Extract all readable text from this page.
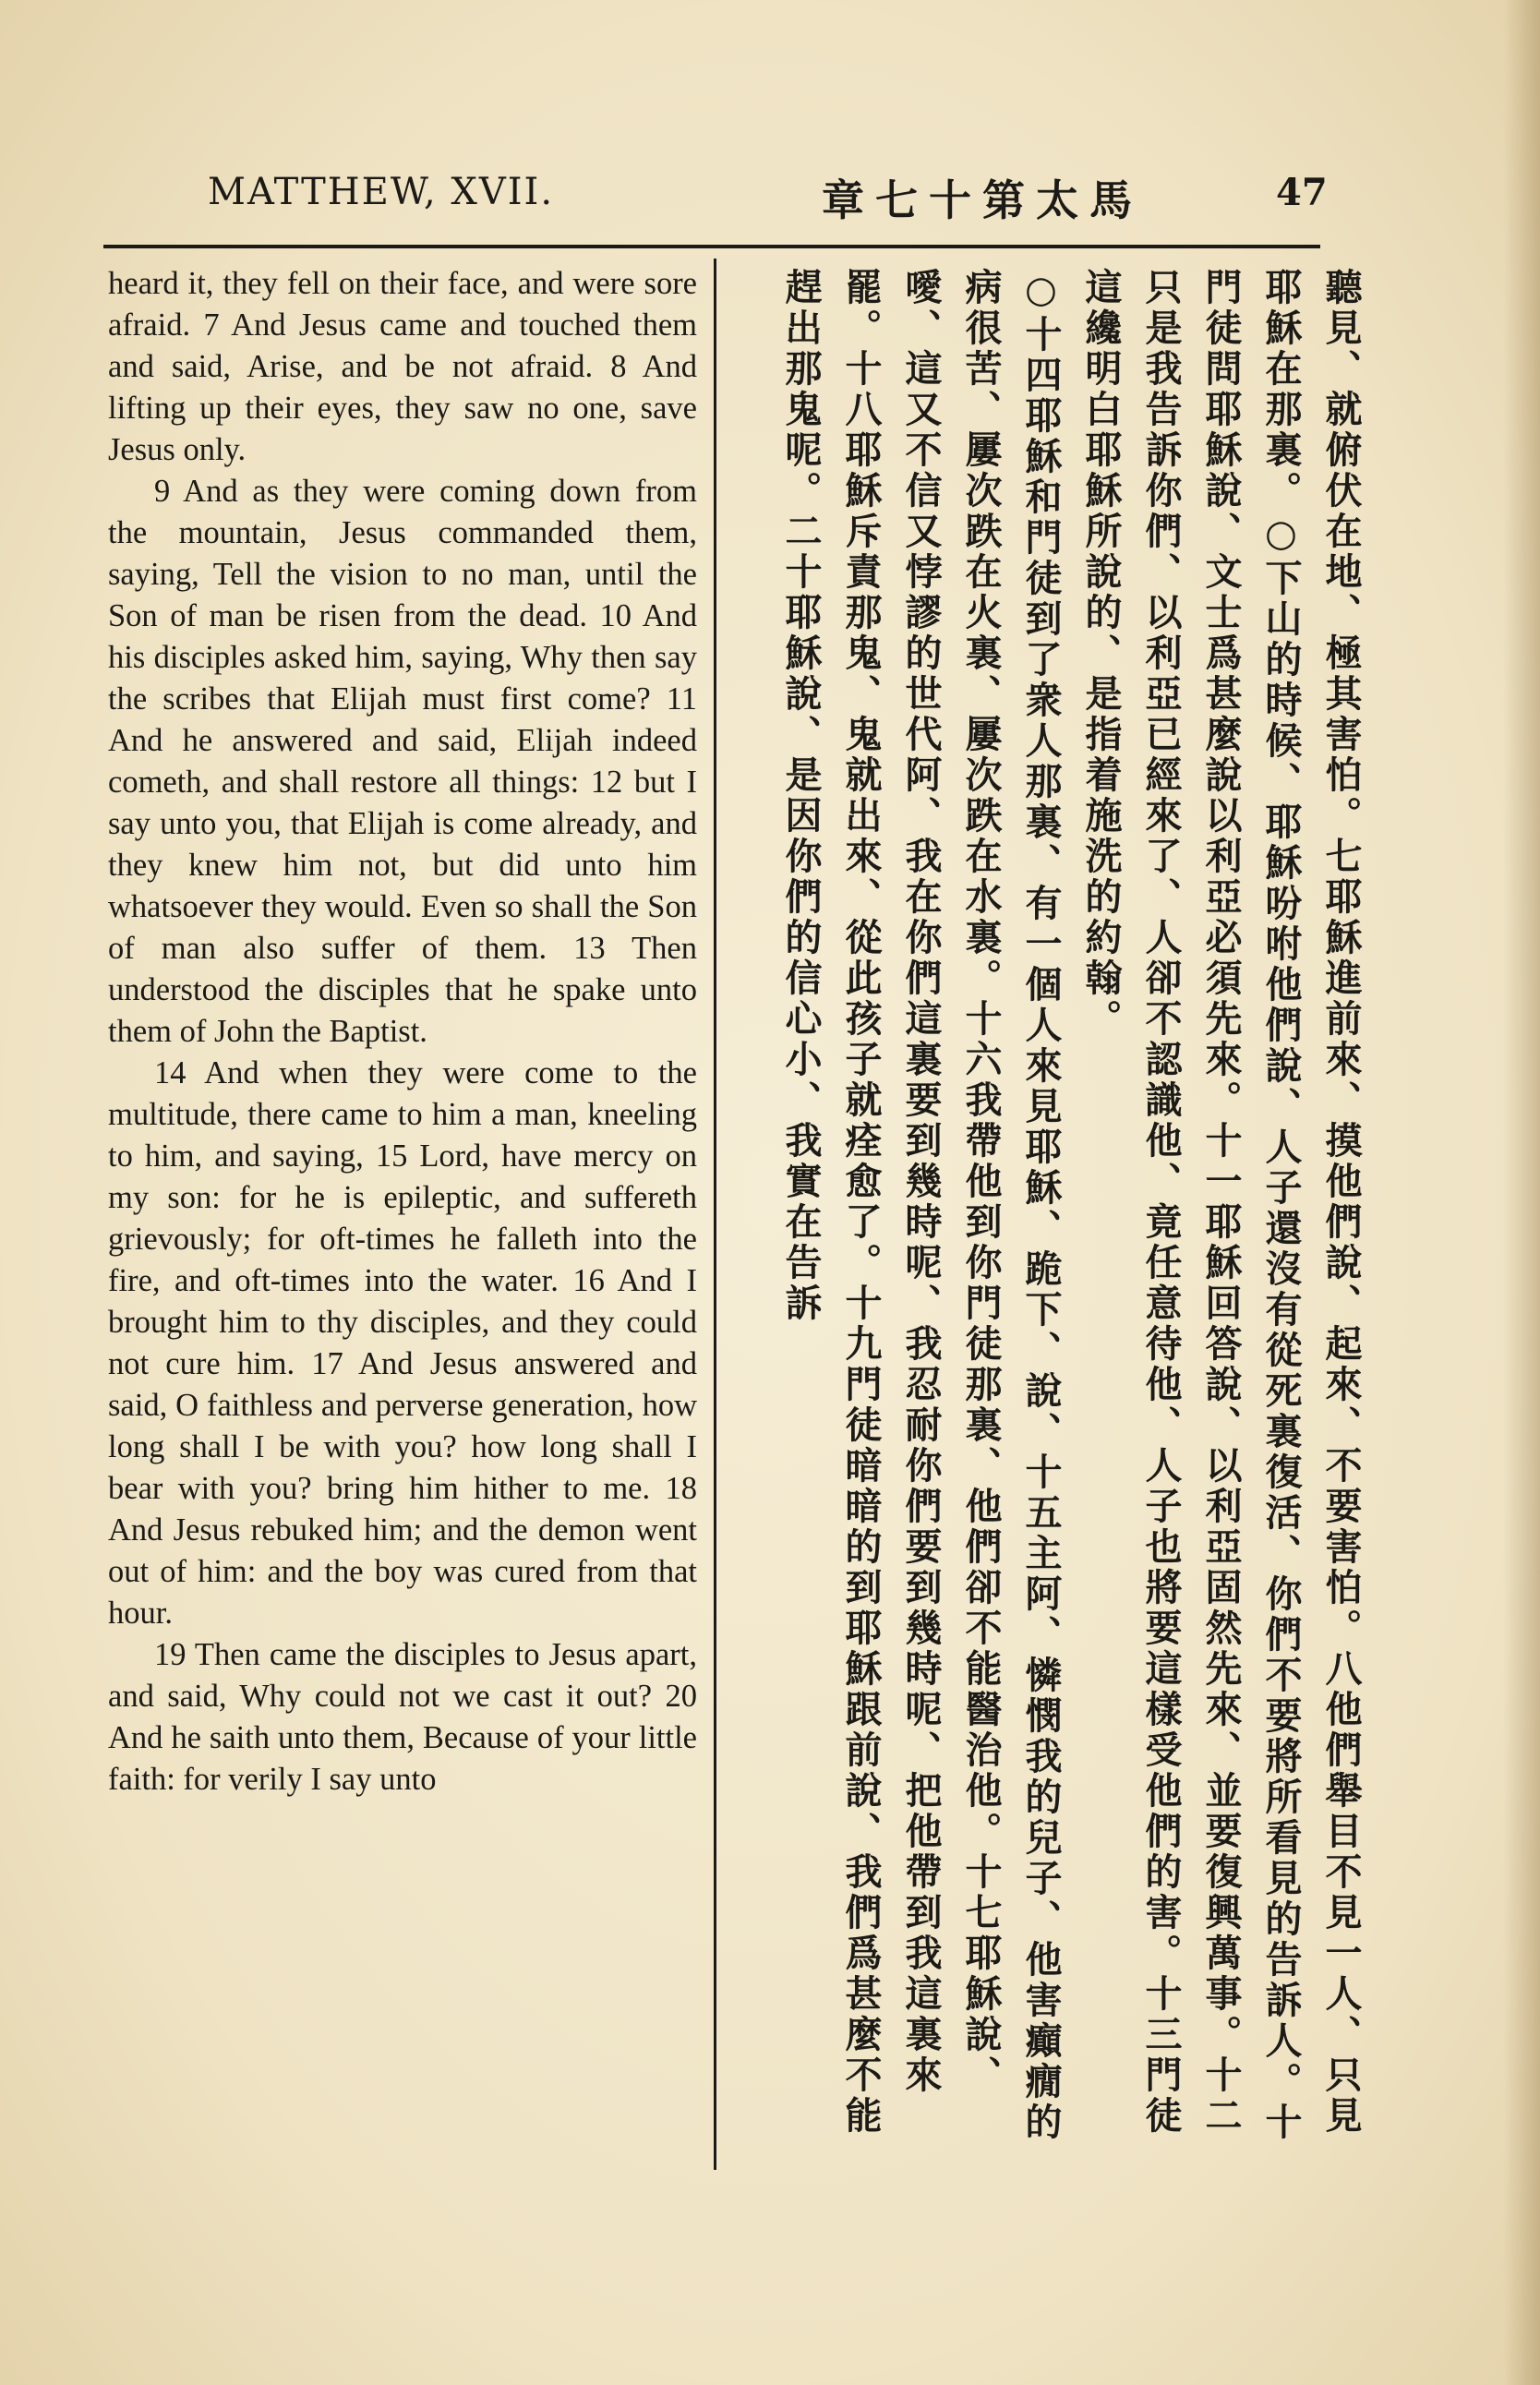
MATTHEW, XVII.	章七十第太馬	47

heard it, they fell on their face, and were sore afraid. 7 And Jesus came and touched them and said, Arise, and be not afraid. 8 And lifting up their eyes, they saw no one, save Jesus only.

9 And as they were coming down from the mountain, Jesus commanded them, saying, Tell the vision to no man, until the Son of man be risen from the dead. 10 And his disciples asked him, saying, Why then say the scribes that Elijah must first come? 11 And he answered and said, Elijah indeed cometh, and shall restore all things: 12 but I say unto you, that Elijah is come already, and they knew him not, but did unto him whatsoever they would. Even so shall the Son of man also suffer of them. 13 Then understood the disciples that he spake unto them of John the Baptist.

14 And when they were come to the multitude, there came to him a man, kneeling to him, and saying, 15 Lord, have mercy on my son: for he is epileptic, and suffereth grievously; for oft-times he falleth into the fire, and oft-times into the water. 16 And I brought him to thy disciples, and they could not cure him. 17 And Jesus answered and said, O faithless and perverse generation, how long shall I be with you? how long shall I bear with you? bring him hither to me. 18 And Jesus rebuked him; and the demon went out of him: and the boy was cured from that hour.

19 Then came the disciples to Jesus apart, and said, Why could not we cast it out? 20 And he saith unto them, Because of your little faith: for verily I say unto	聽見、就俯伏在地、極其害怕。七耶穌進前來、摸他們說、起來、不要害怕。八他們舉目不見一人、只見耶穌在那裏。○下山的時候、耶穌吩咐他們說、人子還沒有從死裏復活、你們不要將所看見的告訴人。十門徒問耶穌說、文士爲甚麼說以利亞必須先來。十一耶穌回答說、以利亞固然先來、並要復興萬事。十二只是我告訴你們、以利亞已經來了、人卻不認識他、竟任意待他、人子也將要這樣受他們的害。十三門徒這纔明白耶穌所說的、是指着施洗的約翰。

○十四耶穌和門徒到了衆人那裏、有一個人來見耶穌、跪下、說、十五主阿、憐憫我的兒子、他害癲癇的病很苦、屢次跌在火裏、屢次跌在水裏。十六我帶他到你門徒那裏、他們卻不能醫治他。十七耶穌說、噯、這又不信又悖謬的世代阿、我在你們這裏要到幾時呢、我忍耐你們要到幾時呢、把他帶到我這裏來罷。十八耶穌斥責那鬼、鬼就出來、從此孩子就痊愈了。十九門徒暗暗的到耶穌跟前說、我們爲甚麼不能趕出那鬼呢。二十耶穌說、是因你們的信心小、我實在告訴
